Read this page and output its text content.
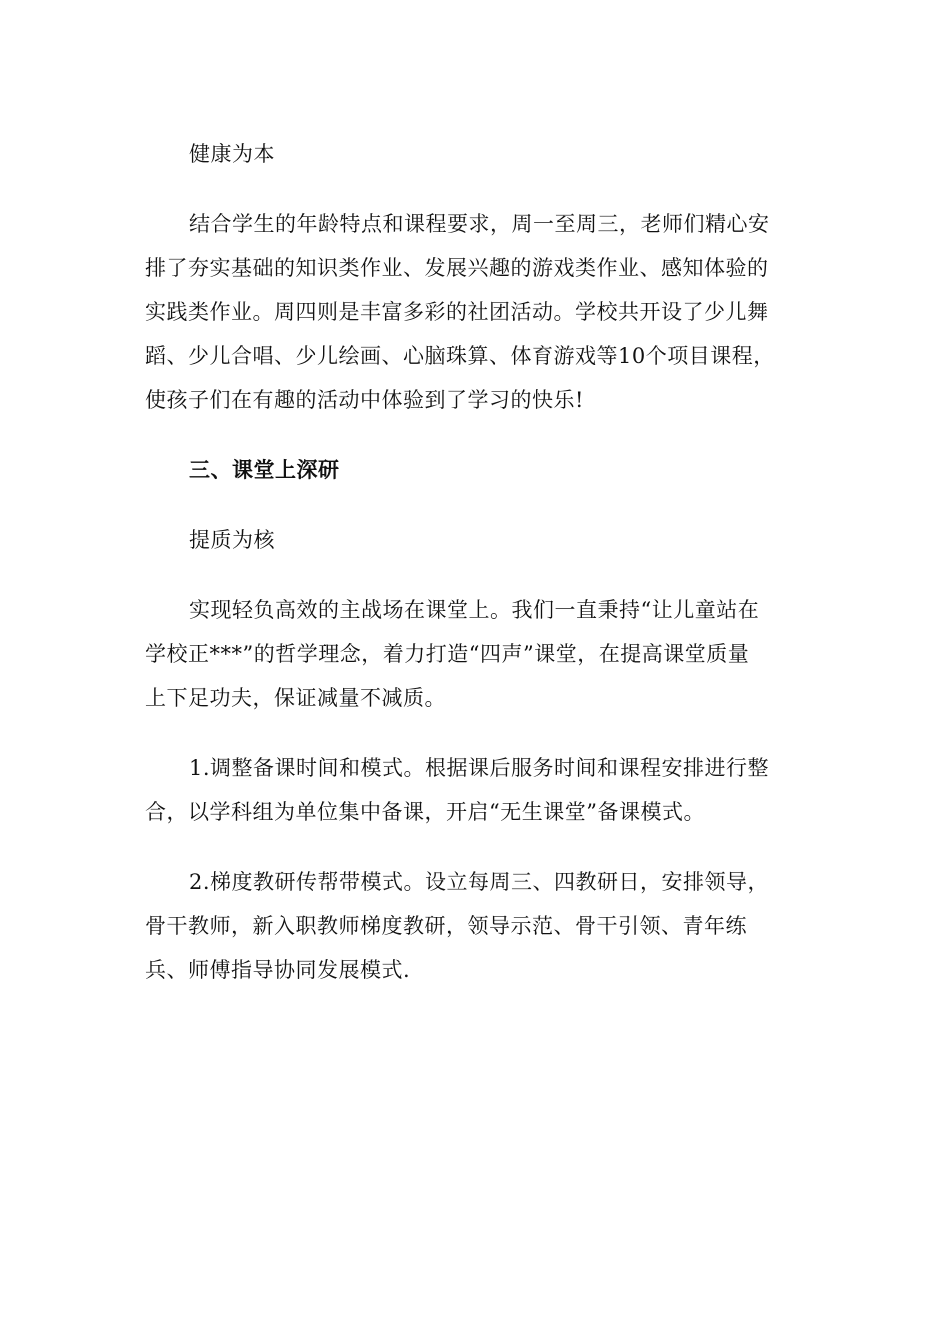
健康为本

结合学生的年龄特点和课程要求，周一至周三，老师们精心安
排了夯实基础的知识类作业、发展兴趣的游戏类作业、感知体验的
实践类作业。周四则是丰富多彩的社团活动。学校共开设了少儿舞
蹈、少儿合唱、少儿绘画、心脑珠算、体育游戏等10个项目课程，
使孩子们在有趣的活动中体验到了学习的快乐!

三、课堂上深研

提质为核

实现轻负高效的主战场在课堂上。我们一直秉持“让儿童站在
学校正***”的哲学理念，着力打造“四声”课堂，在提高课堂质量
上下足功夫，保证减量不减质。
1.调整备课时间和模式。根据课后服务时间和课程安排进行整
合，以学科组为单位集中备课，开启“无生课堂”备课模式。
2.梯度教研传帮带模式。设立每周三、四教研日，安排领导，
骨干教师，新入职教师梯度教研，领导示范、骨干引领、青年练
兵、师傅指导协同发展模式.
